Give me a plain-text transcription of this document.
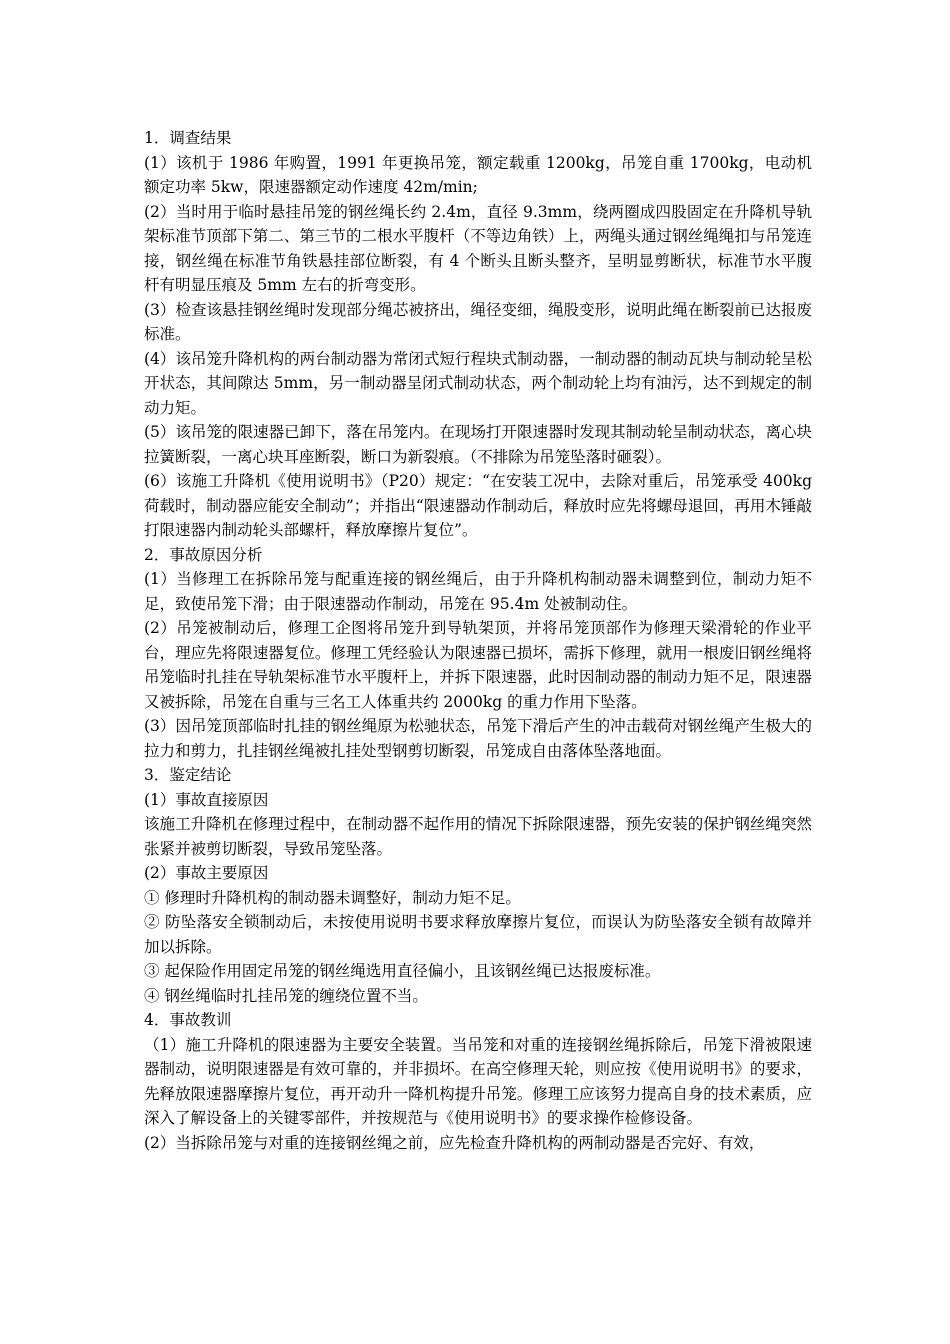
1．调查结果

(1）该机于 1986 年购置，1991 年更换吊笼，额定载重 1200kg，吊笼自重 1700kg，电动机额定功率 5kw，限速器额定动作速度 42m/min;

(2）当时用于临时悬挂吊笼的钢丝绳长约 2.4m，直径 9.3mm，绕两圈成四股固定在升降机导轨架标准节顶部下第二、第三节的二根水平腹杆（不等边角铁）上，两绳头通过钢丝绳绳扣与吊笼连接，钢丝绳在标准节角铁悬挂部位断裂，有 4 个断头且断头整齐，呈明显剪断状，标准节水平腹杆有明显压痕及 5mm 左右的折弯变形。

(3）检查该悬挂钢丝绳时发现部分绳芯被挤出，绳径变细，绳股变形，说明此绳在断裂前已达报废标准。

(4）该吊笼升降机构的两台制动器为常闭式短行程块式制动器，一制动器的制动瓦块与制动轮呈松开状态，其间隙达 5mm，另一制动器呈闭式制动状态，两个制动轮上均有油污，达不到规定的制动力矩。

(5）该吊笼的限速器已卸下，落在吊笼内。在现场打开限速器时发现其制动轮呈制动状态，离心块拉簧断裂，一离心块耳座断裂，断口为新裂痕。（不排除为吊笼坠落时砸裂）。

(6）该施工升降机《使用说明书》（P20）规定：“在安装工况中，去除对重后，吊笼承受 400kg 荷载时，制动器应能安全制动”；并指出“限速器动作制动后，释放时应先将螺母退回，再用木锤敲打限速器内制动轮头部螺杆，释放摩擦片复位”。

2．事故原因分析

(1）当修理工在拆除吊笼与配重连接的钢丝绳后，由于升降机构制动器未调整到位，制动力矩不足，致使吊笼下滑；由于限速器动作制动，吊笼在 95.4m 处被制动住。

(2）吊笼被制动后，修理工企图将吊笼升到导轨架顶，并将吊笼顶部作为修理天梁滑轮的作业平台，理应先将限速器复位。修理工凭经验认为限速器已损坏，需拆下修理，就用一根废旧钢丝绳将吊笼临时扎挂在导轨架标准节水平腹杆上，并拆下限速器，此时因制动器的制动力矩不足，限速器又被拆除，吊笼在自重与三名工人体重共约 2000kg 的重力作用下坠落。

(3）因吊笼顶部临时扎挂的钢丝绳原为松驰状态，吊笼下滑后产生的冲击载荷对钢丝绳产生极大的拉力和剪力，扎挂钢丝绳被扎挂处型钢剪切断裂，吊笼成自由落体坠落地面。

3．鉴定结论

(1）事故直接原因

该施工升降机在修理过程中，在制动器不起作用的情况下拆除限速器，预先安装的保护钢丝绳突然张紧并被剪切断裂，导致吊笼坠落。

(2）事故主要原因

① 修理时升降机构的制动器未调整好，制动力矩不足。

② 防坠落安全锁制动后，未按使用说明书要求释放摩擦片复位，而误认为防坠落安全锁有故障并加以拆除。

③ 起保险作用固定吊笼的钢丝绳选用直径偏小，且该钢丝绳已达报废标准。

④ 钢丝绳临时扎挂吊笼的缠绕位置不当。

4．事故教训

（1）施工升降机的限速器为主要安全装置。当吊笼和对重的连接钢丝绳拆除后，吊笼下滑被限速器制动，说明限速器是有效可靠的，并非损坏。在高空修理天轮，则应按《使用说明书》的要求，先释放限速器摩擦片复位，再开动升一降机构提升吊笼。修理工应该努力提高自身的技术素质，应深入了解设备上的关键零部件，并按规范与《使用说明书》的要求操作检修设备。

(2）当拆除吊笼与对重的连接钢丝绳之前，应先检查升降机构的两制动器是否完好、有效，
